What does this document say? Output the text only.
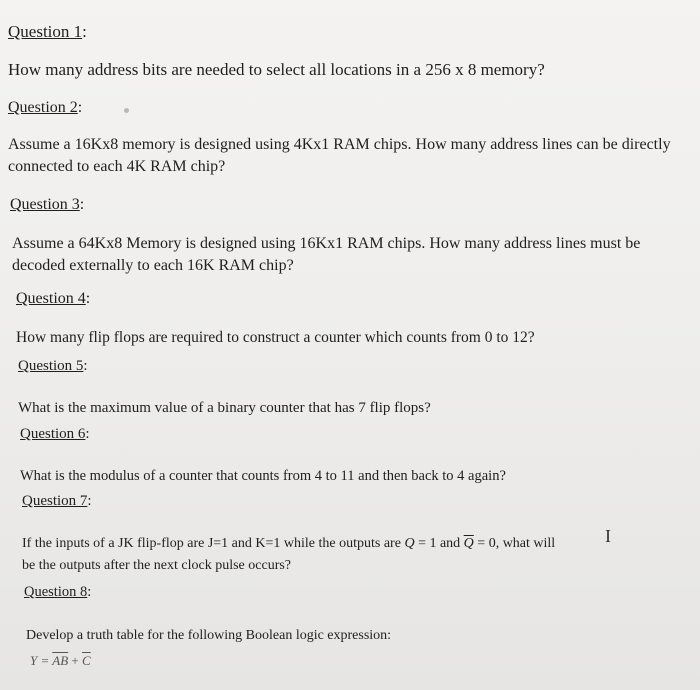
Question 1:
How many address bits are needed to select all locations in a 256 x 8 memory?
Question 2:
Assume a 16Kx8 memory is designed using 4Kx1 RAM chips. How many address lines can be directly connected to each 4K RAM chip?
Question 3:
Assume a 64Kx8 Memory is designed using 16Kx1 RAM chips. How many address lines must be decoded externally to each 16K RAM chip?
Question 4:
How many flip flops are required to construct a counter which counts from 0 to 12?
Question 5:
What is the maximum value of a binary counter that has 7 flip flops?
Question 6:
What is the modulus of a counter that counts from 4 to 11 and then back to 4 again?
Question 7:
If the inputs of a JK flip-flop are J=1 and K=1 while the outputs are Q = 1 and $\overline{Q} = 0$, what will
be the outputs after the next clock pulse occurs?
I
Question 8:
Develop a truth table for the following Boolean logic expression:
$Y = \overline{AB} + \overline{C}$
